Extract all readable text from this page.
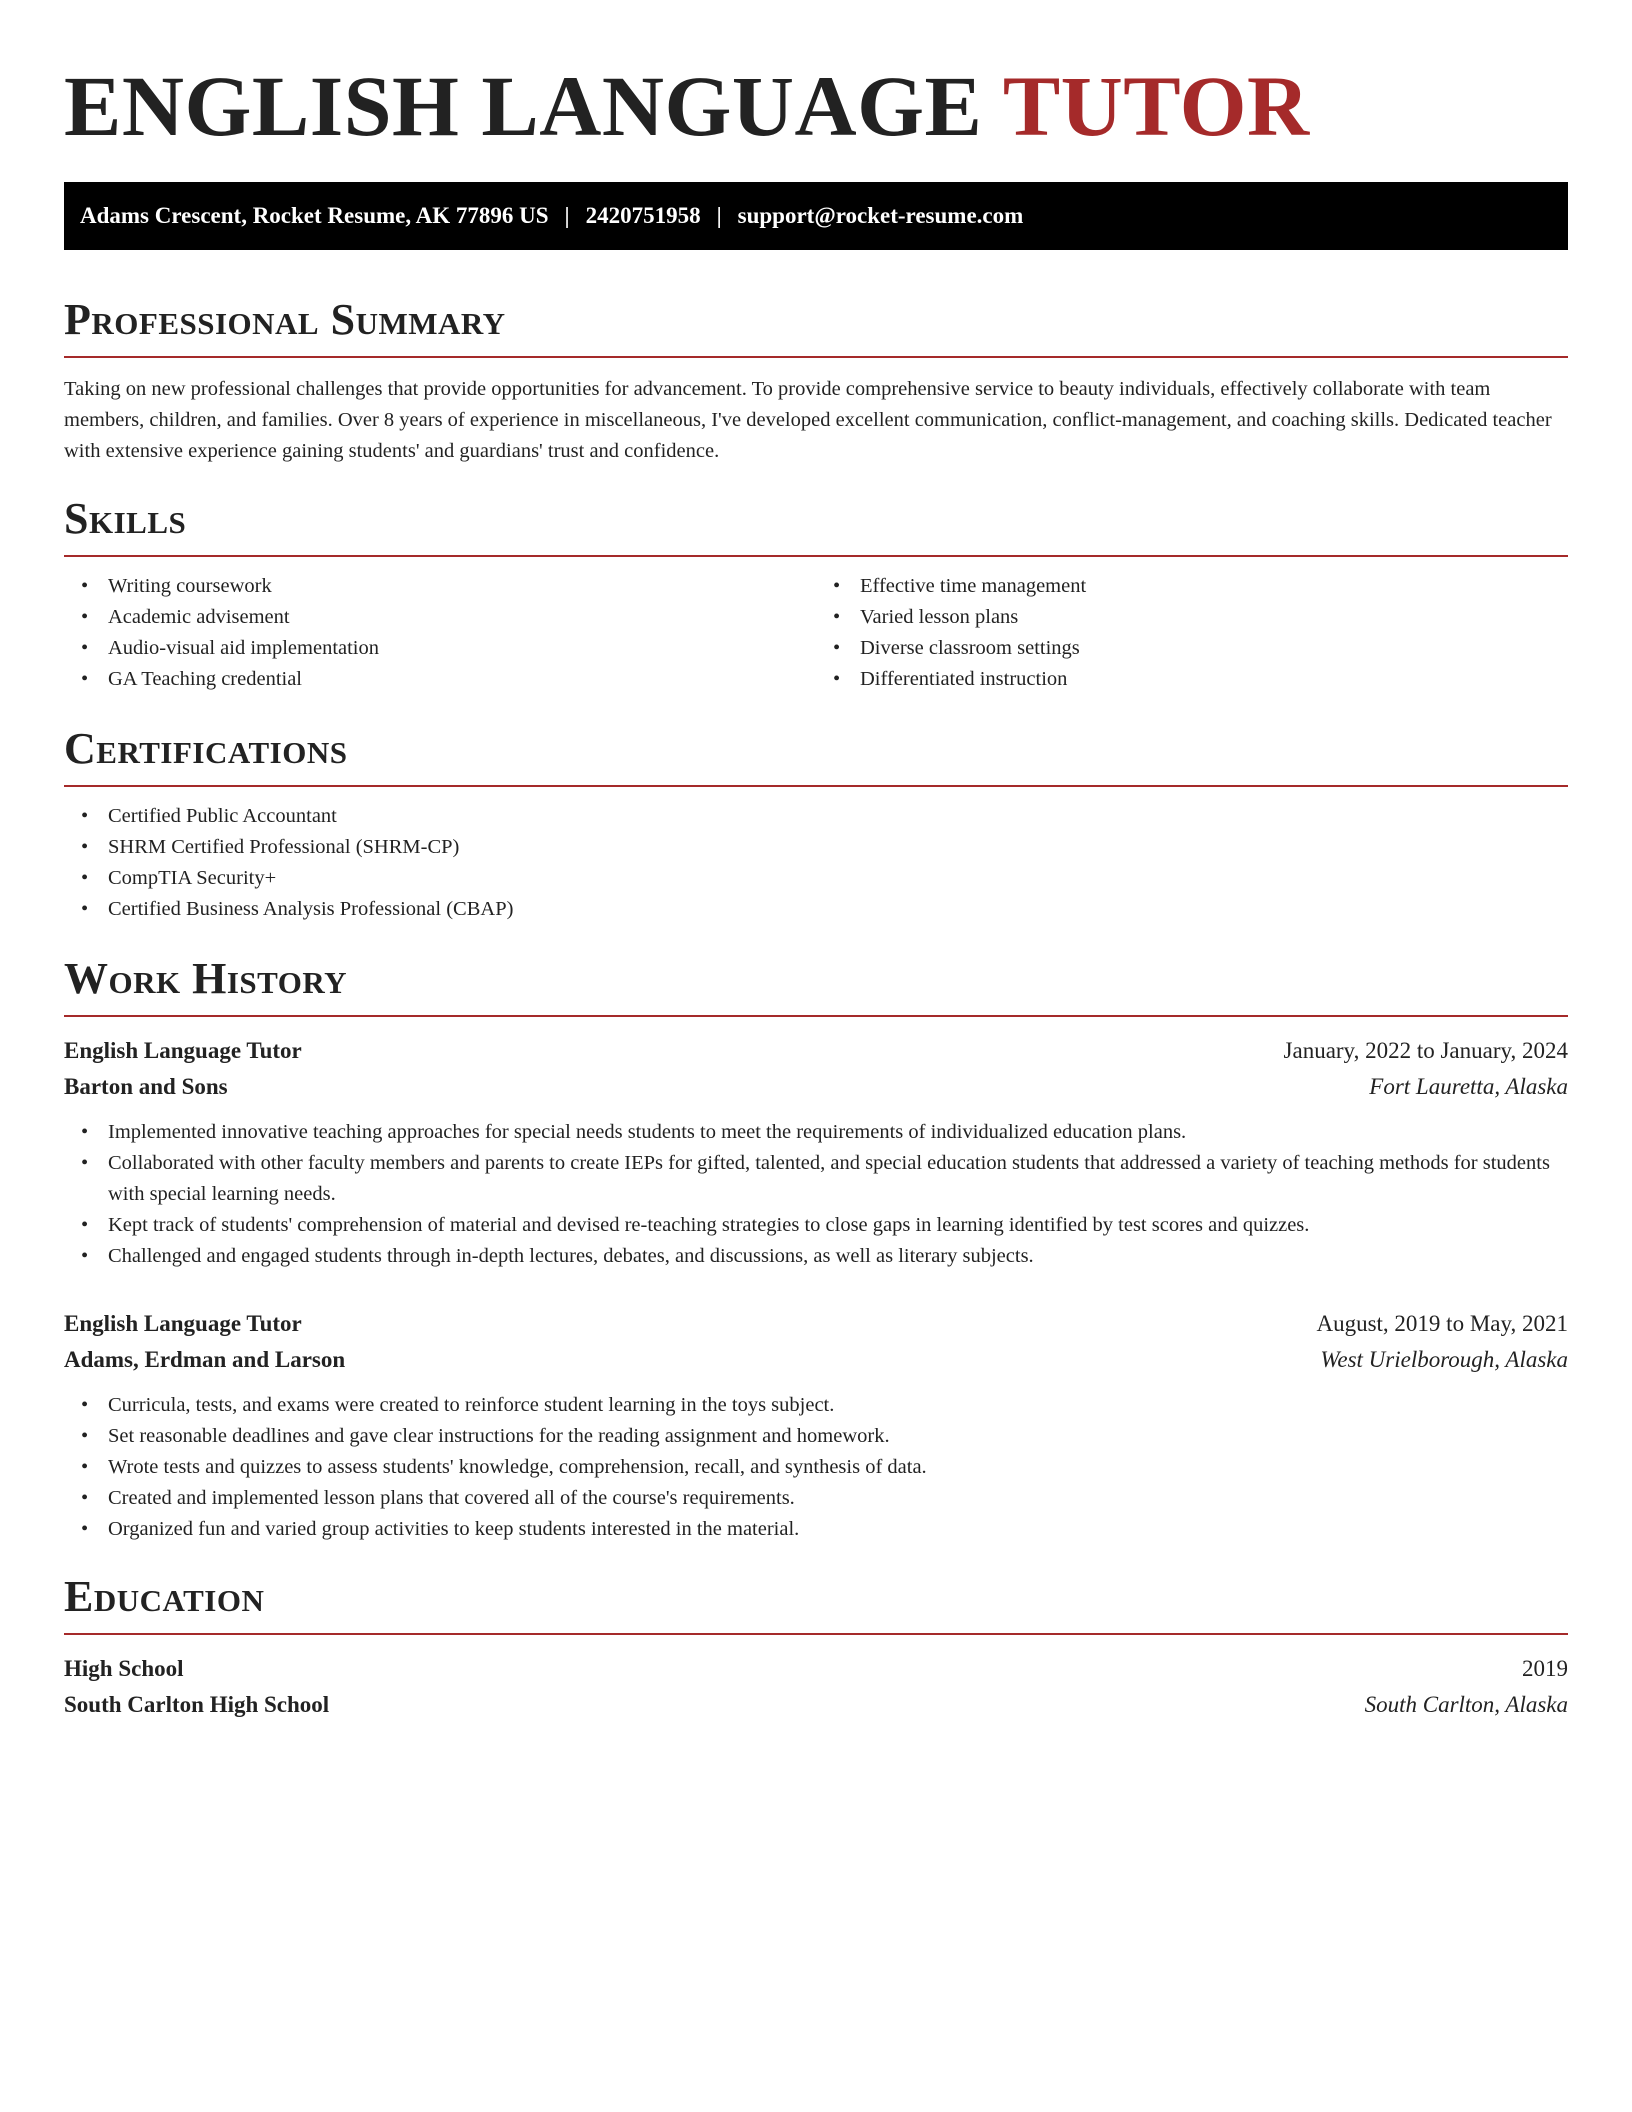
ENGLISH LANGUAGE TUTOR
Adams Crescent, Rocket Resume, AK 77896 US | 2420751958 | support@rocket-resume.com
Professional Summary

Taking on new professional challenges that provide opportunities for advancement. To provide comprehensive service to beauty individuals, effectively collaborate with team members, children, and families. Over 8 years of experience in miscellaneous, I've developed excellent communication, conflict-management, and coaching skills. Dedicated teacher with extensive experience gaining students' and guardians' trust and confidence.

Skills
• Writing coursework
• Academic advisement
• Audio-visual aid implementation
• GA Teaching credential
• Effective time management
• Varied lesson plans
• Diverse classroom settings
• Differentiated instruction
Certifications
• Certified Public Accountant
• SHRM Certified Professional (SHRM-CP)
• CompTIA Security+
• Certified Business Analysis Professional (CBAP)
Work History
English Language Tutor	January, 2022 to January, 2024
Barton and Sons	Fort Lauretta, Alaska
• Implemented innovative teaching approaches for special needs students to meet the requirements of individualized education plans.
• Collaborated with other faculty members and parents to create IEPs for gifted, talented, and special education students that addressed a variety of teaching methods for students with special learning needs.
• Kept track of students' comprehension of material and devised re-teaching strategies to close gaps in learning identified by test scores and quizzes.
• Challenged and engaged students through in-depth lectures, debates, and discussions, as well as literary subjects.
English Language Tutor	August, 2019 to May, 2021
Adams, Erdman and Larson	West Urielborough, Alaska
• Curricula, tests, and exams were created to reinforce student learning in the toys subject.
• Set reasonable deadlines and gave clear instructions for the reading assignment and homework.
• Wrote tests and quizzes to assess students' knowledge, comprehension, recall, and synthesis of data.
• Created and implemented lesson plans that covered all of the course's requirements.
• Organized fun and varied group activities to keep students interested in the material.
Education
High School	2019
South Carlton High School	South Carlton, Alaska
